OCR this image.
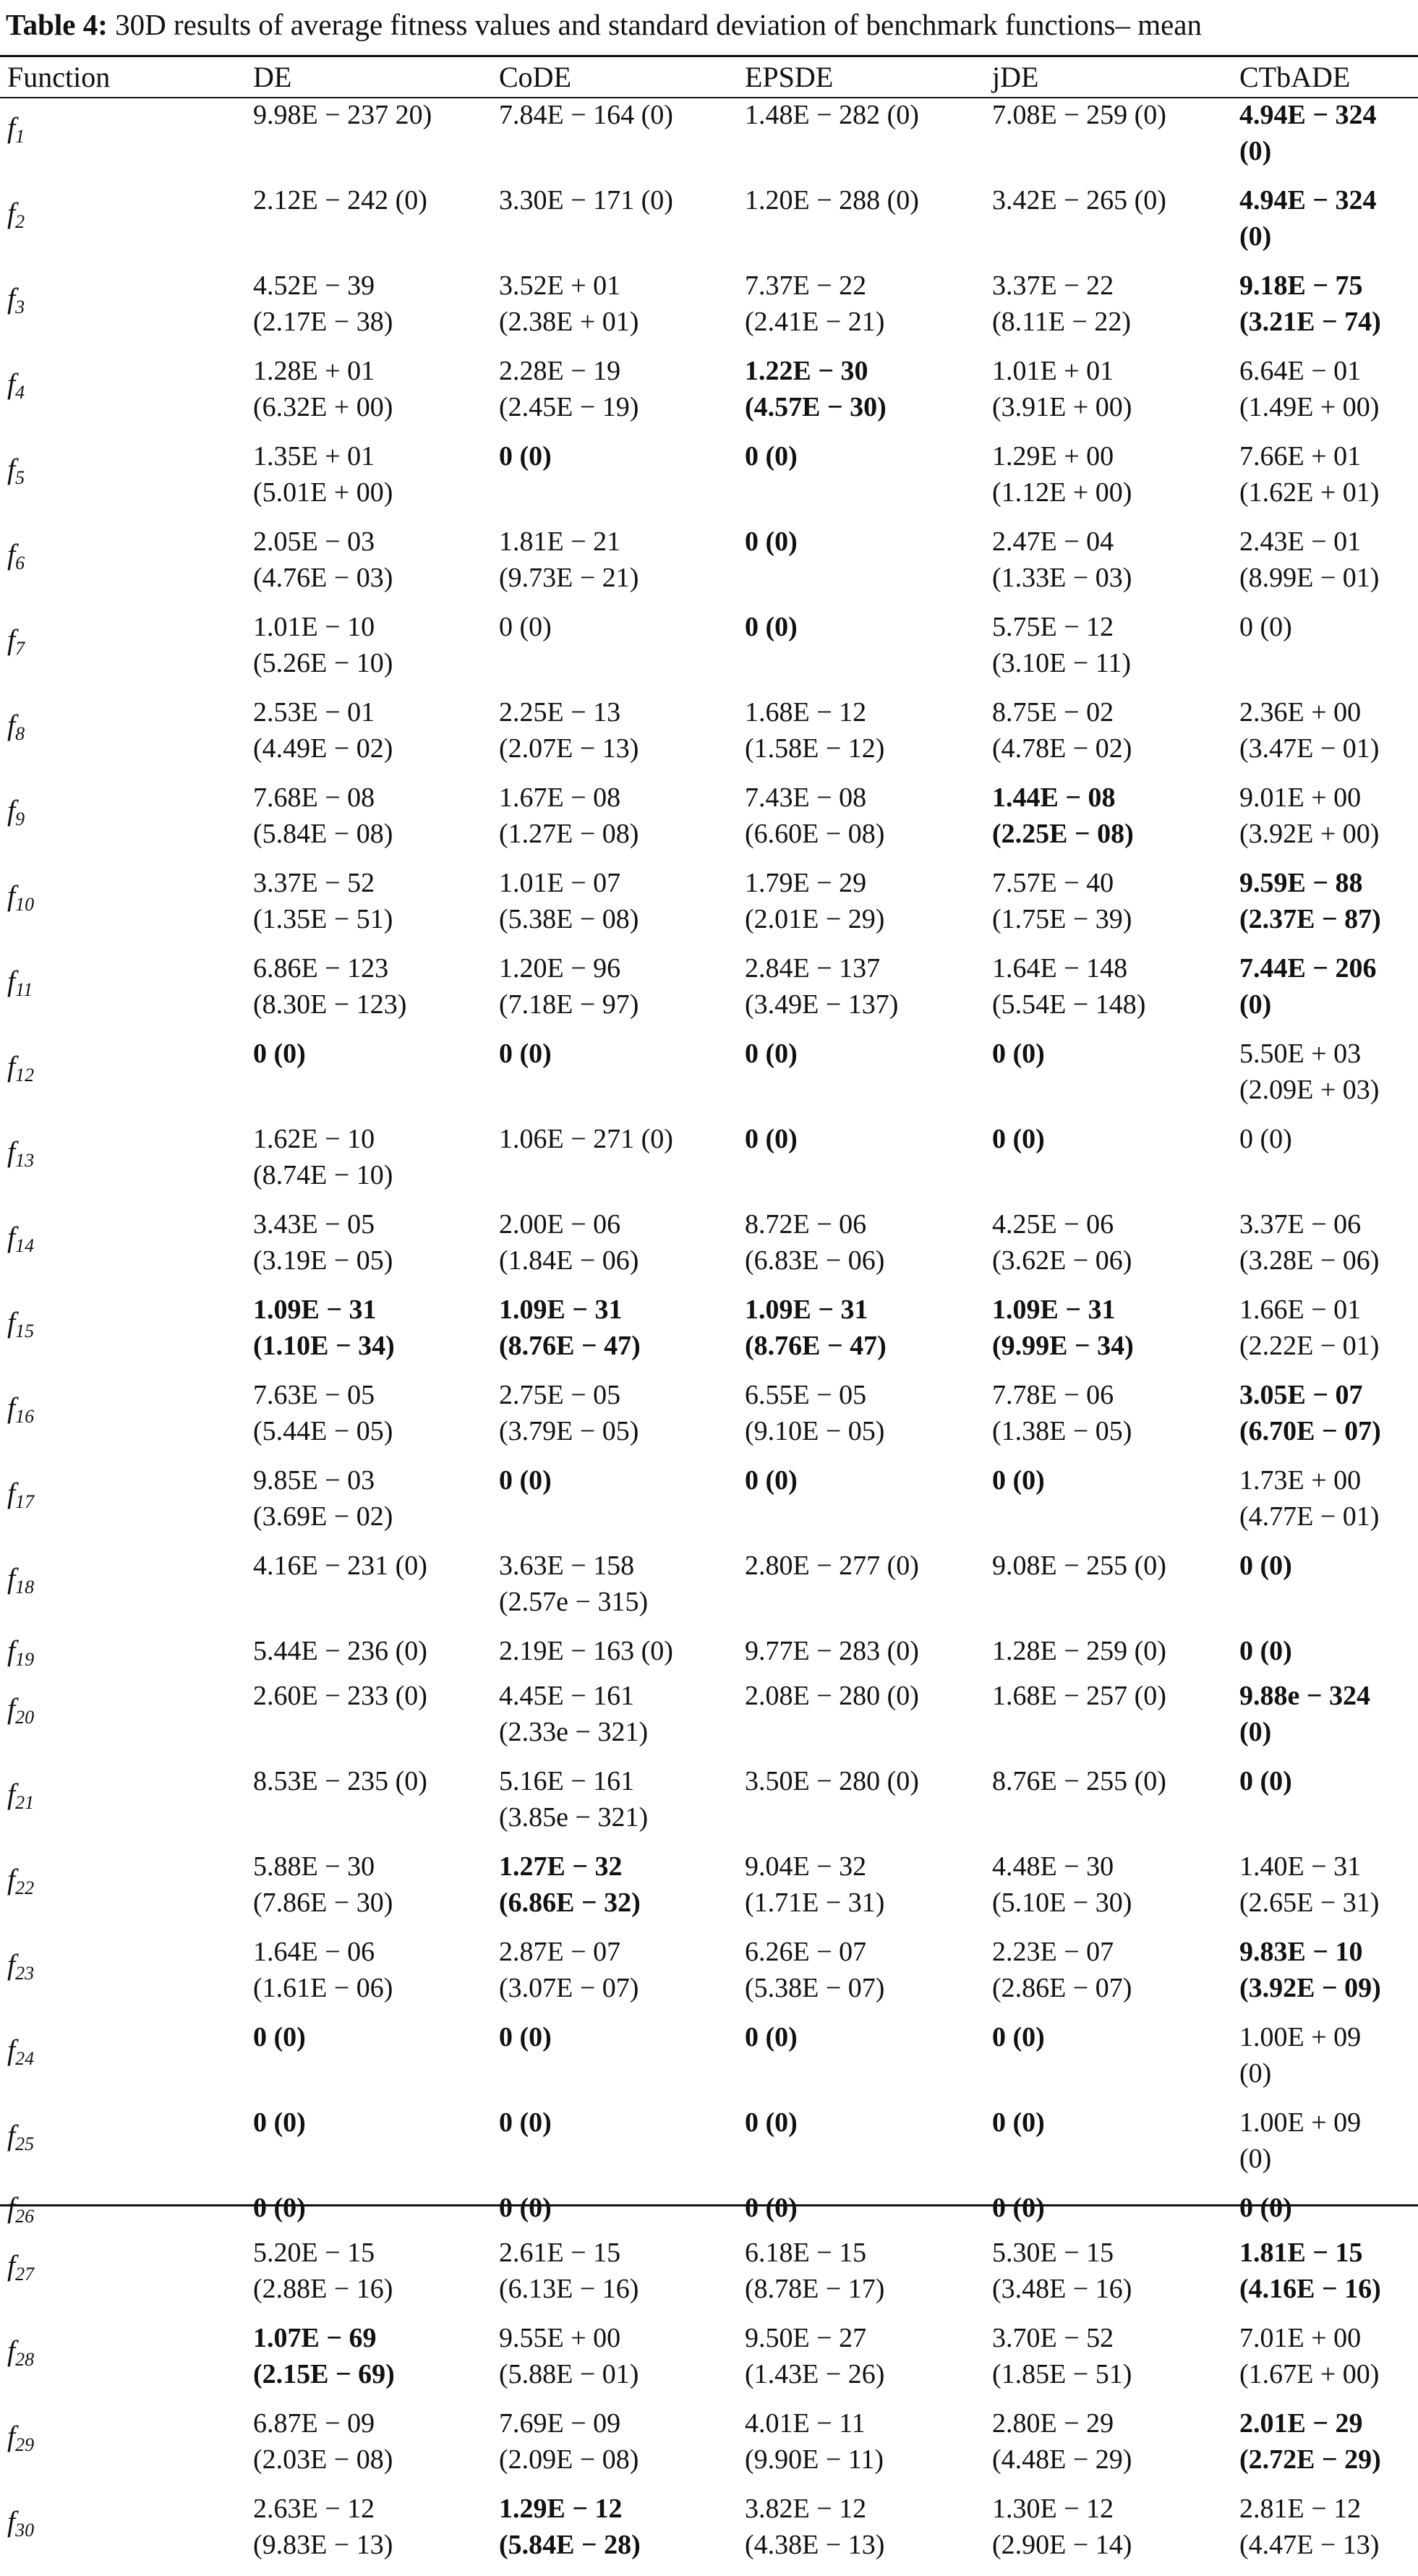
Table 4: 30D results of average fitness values and standard deviation of benchmark functions– mean
Function	DE	CoDE	EPSDE	jDE	CTbADE
$f_1$	9.98E − 237 20)	7.84E − 164 (0)	1.48E − 282 (0)	7.08E − 259 (0)	4.94E − 324
(0)

$f_2$	2.12E − 242 (0)	3.30E − 171 (0)	1.20E − 288 (0)	3.42E − 265 (0)	4.94E − 324
(0)

$f_3$	4.52E − 39
(2.17E − 38)	3.52E + 01
(2.38E + 01)	7.37E − 22
(2.41E − 21)	3.37E − 22
(8.11E − 22)	9.18E − 75
(3.21E − 74)

$f_4$	1.28E + 01
(6.32E + 00)	2.28E − 19
(2.45E − 19)	1.22E − 30
(4.57E − 30)	1.01E + 01
(3.91E + 00)	6.64E − 01
(1.49E + 00)

$f_5$	1.35E + 01
(5.01E + 00)	0 (0)	0 (0)	1.29E + 00
(1.12E + 00)	7.66E + 01
(1.62E + 01)

$f_6$	2.05E − 03
(4.76E − 03)	1.81E − 21
(9.73E − 21)	0 (0)	2.47E − 04
(1.33E − 03)	2.43E − 01
(8.99E − 01)

$f_7$	1.01E − 10
(5.26E − 10)	0 (0)	0 (0)	5.75E − 12
(3.10E − 11)	0 (0)

$f_8$	2.53E − 01
(4.49E − 02)	2.25E − 13
(2.07E − 13)	1.68E − 12
(1.58E − 12)	8.75E − 02
(4.78E − 02)	2.36E + 00
(3.47E − 01)

$f_9$	7.68E − 08
(5.84E − 08)	1.67E − 08
(1.27E − 08)	7.43E − 08
(6.60E − 08)	1.44E − 08
(2.25E − 08)	9.01E + 00
(3.92E + 00)

$f_{10}$	3.37E − 52
(1.35E − 51)	1.01E − 07
(5.38E − 08)	1.79E − 29
(2.01E − 29)	7.57E − 40
(1.75E − 39)	9.59E − 88
(2.37E − 87)

$f_{11}$	6.86E − 123
(8.30E − 123)	1.20E − 96
(7.18E − 97)	2.84E − 137
(3.49E − 137)	1.64E − 148
(5.54E − 148)	7.44E − 206
(0)

$f_{12}$	0 (0)	0 (0)	0 (0)	0 (0)	5.50E + 03
(2.09E + 03)

$f_{13}$	1.62E − 10
(8.74E − 10)	1.06E − 271 (0)	0 (0)	0 (0)	0 (0)

$f_{14}$	3.43E − 05
(3.19E − 05)	2.00E − 06
(1.84E − 06)	8.72E − 06
(6.83E − 06)	4.25E − 06
(3.62E − 06)	3.37E − 06
(3.28E − 06)

$f_{15}$	1.09E − 31
(1.10E − 34)	1.09E − 31
(8.76E − 47)	1.09E − 31
(8.76E − 47)	1.09E − 31
(9.99E − 34)	1.66E − 01
(2.22E − 01)

$f_{16}$	7.63E − 05
(5.44E − 05)	2.75E − 05
(3.79E − 05)	6.55E − 05
(9.10E − 05)	7.78E − 06
(1.38E − 05)	3.05E − 07
(6.70E − 07)

$f_{17}$	9.85E − 03
(3.69E − 02)	0 (0)	0 (0)	0 (0)	1.73E + 00
(4.77E − 01)

$f_{18}$	4.16E − 231 (0)	3.63E − 158
(2.57e − 315)	2.80E − 277 (0)	9.08E − 255 (0)	0 (0)

$f_{19}$	5.44E − 236 (0)	2.19E − 163 (0)	9.77E − 283 (0)	1.28E − 259 (0)	0 (0)

$f_{20}$	2.60E − 233 (0)	4.45E − 161
(2.33e − 321)	2.08E − 280 (0)	1.68E − 257 (0)	9.88e − 324
(0)

$f_{21}$	8.53E − 235 (0)	5.16E − 161
(3.85e − 321)	3.50E − 280 (0)	8.76E − 255 (0)	0 (0)

$f_{22}$	5.88E − 30
(7.86E − 30)	1.27E − 32
(6.86E − 32)	9.04E − 32
(1.71E − 31)	4.48E − 30
(5.10E − 30)	1.40E − 31
(2.65E − 31)

$f_{23}$	1.64E − 06
(1.61E − 06)	2.87E − 07
(3.07E − 07)	6.26E − 07
(5.38E − 07)	2.23E − 07
(2.86E − 07)	9.83E − 10
(3.92E − 09)

$f_{24}$	0 (0)	0 (0)	0 (0)	0 (0)	1.00E + 09
(0)

$f_{25}$	0 (0)	0 (0)	0 (0)	0 (0)	1.00E + 09
(0)

$f_{26}$	0 (0)	0 (0)	0 (0)	0 (0)	0 (0)

$f_{27}$	5.20E − 15
(2.88E − 16)	2.61E − 15
(6.13E − 16)	6.18E − 15
(8.78E − 17)	5.30E − 15
(3.48E − 16)	1.81E − 15
(4.16E − 16)

$f_{28}$	1.07E − 69
(2.15E − 69)	9.55E + 00
(5.88E − 01)	9.50E − 27
(1.43E − 26)	3.70E − 52
(1.85E − 51)	7.01E + 00
(1.67E + 00)

$f_{29}$	6.87E − 09
(2.03E − 08)	7.69E − 09
(2.09E − 08)	4.01E − 11
(9.90E − 11)	2.80E − 29
(4.48E − 29)	2.01E − 29
(2.72E − 29)

$f_{30}$	2.63E − 12
(9.83E − 13)	1.29E − 12
(5.84E − 28)	3.82E − 12
(4.38E − 13)	1.30E − 12
(2.90E − 14)	2.81E − 12
(4.47E − 13)
